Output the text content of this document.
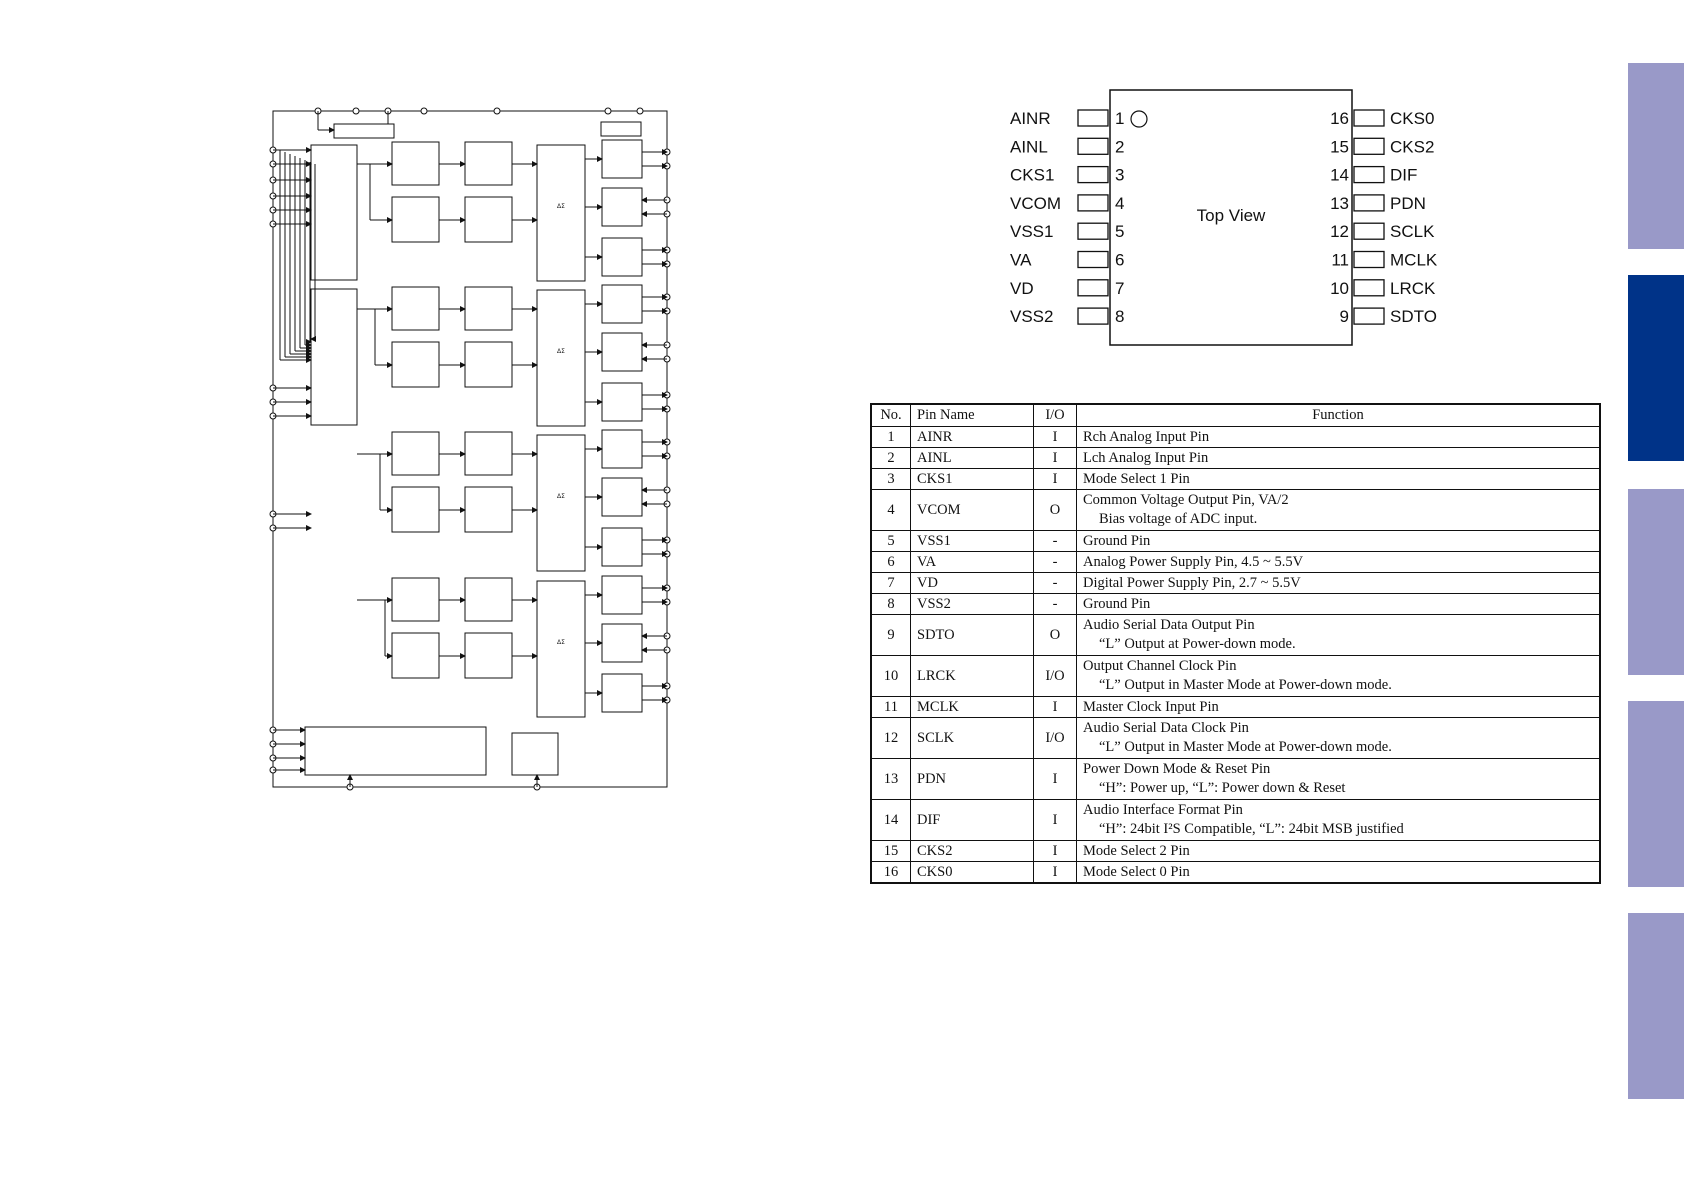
ΔΣ
ΔΣ
ΔΣ
ΔΣ
Top View
AINR	1
AINL	2
CKS1	3
VCOM	4
VSS1	5
VA	6
VD	7
VSS2	8
16 CKS0
15 CKS2
14 DIF
13 PDN
12 SCLK
11 MCLK
10 LRCK
9 SDTO
No.	Pin Name	I/O	Function
1	AINR	I	Rch Analog Input Pin
2	AINL	I	Lch Analog Input Pin
3	CKS1	I	Mode Select 1 Pin
4	VCOM	O	Common Voltage Output Pin, VA/2
Bias voltage of ADC input.

5	VSS1	-	Ground Pin
6	VA	-	Analog Power Supply Pin, 4.5 ~ 5.5V
7	VD	-	Digital Power Supply Pin, 2.7 ~ 5.5V
8	VSS2	-	Ground Pin
9	SDTO	O	Audio Serial Data Output Pin
“L” Output at Power-down mode.

10	LRCK	I/O	Output Channel Clock Pin
“L” Output in Master Mode at Power-down mode.

11	MCLK	I	Master Clock Input Pin
12	SCLK	I/O	Audio Serial Data Clock Pin
“L” Output in Master Mode at Power-down mode.

13	PDN	I	Power Down Mode & Reset Pin
“H”: Power up, “L”: Power down & Reset

14	DIF	I	Audio Interface Format Pin
“H”: 24bit I²S Compatible, “L”: 24bit MSB justified

15	CKS2	I	Mode Select 2 Pin
16	CKS0	I	Mode Select 0 Pin
